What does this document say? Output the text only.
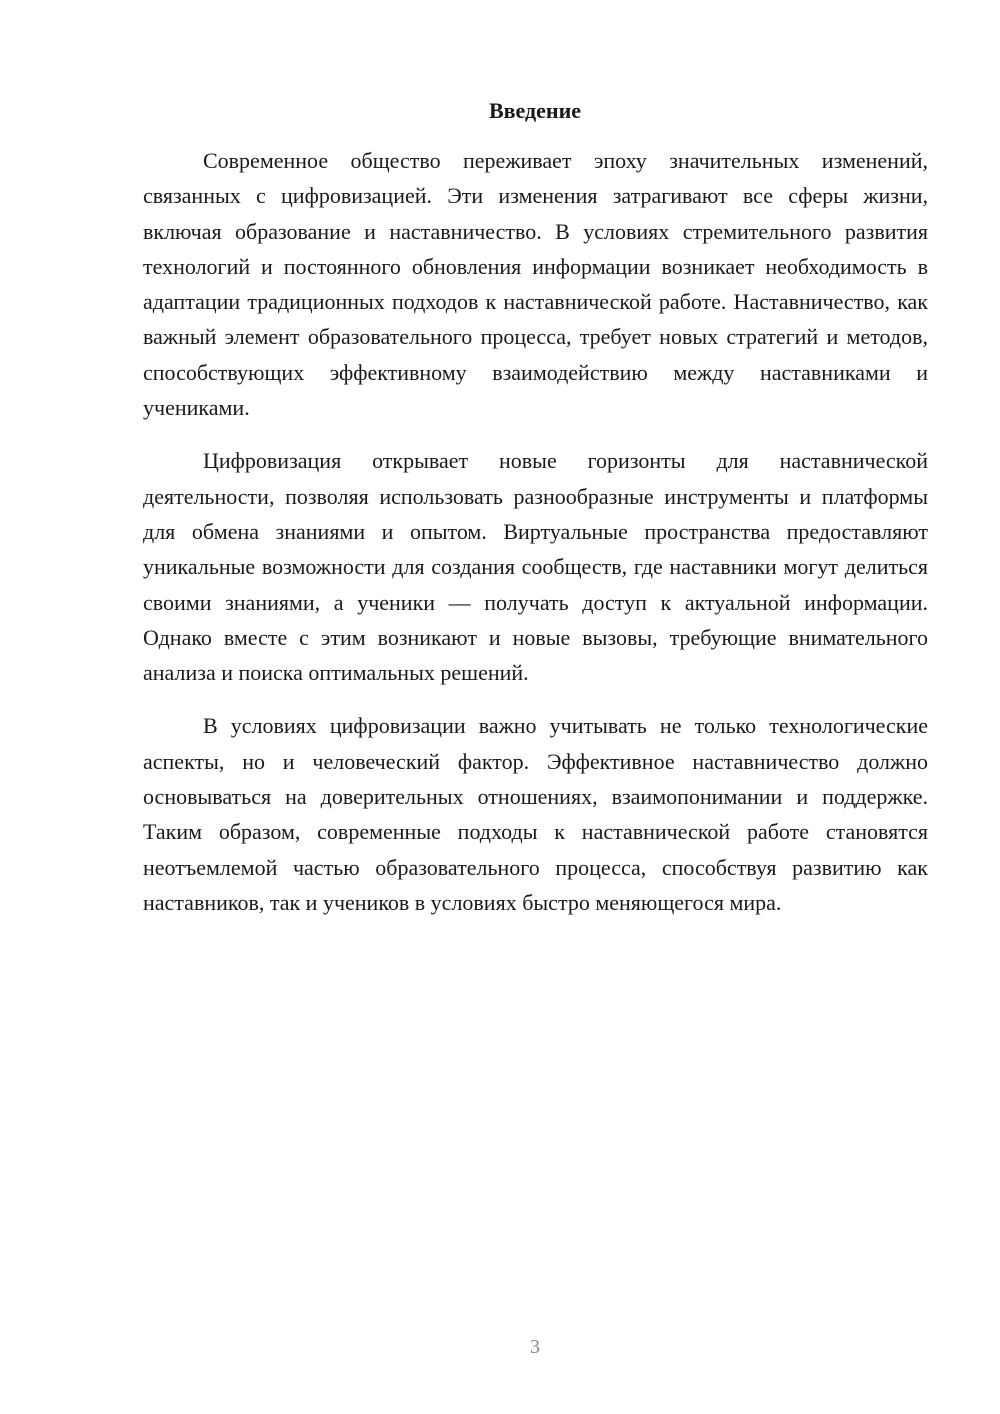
Введение

Современное общество переживает эпоху значительных изменений, связанных с цифровизацией. Эти изменения затрагивают все сферы жизни, включая образование и наставничество. В условиях стремительного развития технологий и постоянного обновления информации возникает необходимость в адаптации традиционных подходов к наставнической работе. Наставничество, как важный элемент образовательного процесса, требует новых стратегий и методов, способствующих эффективному взаимодействию между наставниками и учениками.

Цифровизация открывает новые горизонты для наставнической деятельности, позволяя использовать разнообразные инструменты и платформы для обмена знаниями и опытом. Виртуальные пространства предоставляют уникальные возможности для создания сообществ, где наставники могут делиться своими знаниями, а ученики — получать доступ к актуальной информации. Однако вместе с этим возникают и новые вызовы, требующие внимательного анализа и поиска оптимальных решений.

В условиях цифровизации важно учитывать не только технологические аспекты, но и человеческий фактор. Эффективное наставничество должно основываться на доверительных отношениях, взаимопонимании и поддержке. Таким образом, современные подходы к наставнической работе становятся неотъемлемой частью образовательного процесса, способствуя развитию как наставников, так и учеников в условиях быстро меняющегося мира.

3
